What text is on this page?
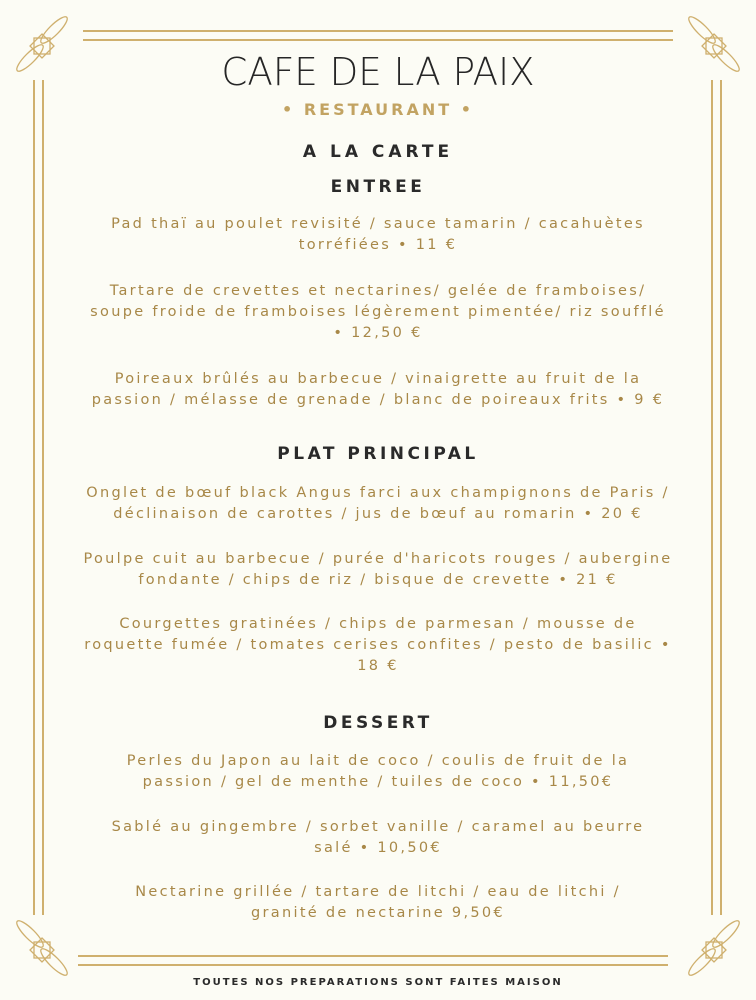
CAFE DE LA PAIX
• RESTAURANT •
A LA CARTE
ENTREE
Pad thaï au poulet revisité / sauce tamarin / cacahuètes
torréfiées • 11 €
Tartare de crevettes et nectarines/ gelée de framboises/
soupe froide de framboises légèrement pimentée/ riz soufflé
• 12,50 €
Poireaux brûlés au barbecue / vinaigrette au fruit de la
passion / mélasse de grenade / blanc de poireaux frits • 9 €
PLAT PRINCIPAL
Onglet de bœuf black Angus farci aux champignons de Paris /
déclinaison de carottes / jus de bœuf au romarin • 20 €
Poulpe cuit au barbecue / purée d'haricots rouges / aubergine
fondante / chips de riz / bisque de crevette • 21 €
Courgettes gratinées / chips de parmesan / mousse de
roquette fumée / tomates cerises confites / pesto de basilic •
18 €
DESSERT
Perles du Japon au lait de coco / coulis de fruit de la
passion / gel de menthe / tuiles de coco • 11,50€
Sablé au gingembre / sorbet vanille / caramel au beurre
salé • 10,50€
Nectarine grillée / tartare de litchi / eau de litchi /
granité de nectarine 9,50€
TOUTES NOS PREPARATIONS SONT FAITES MAISON
